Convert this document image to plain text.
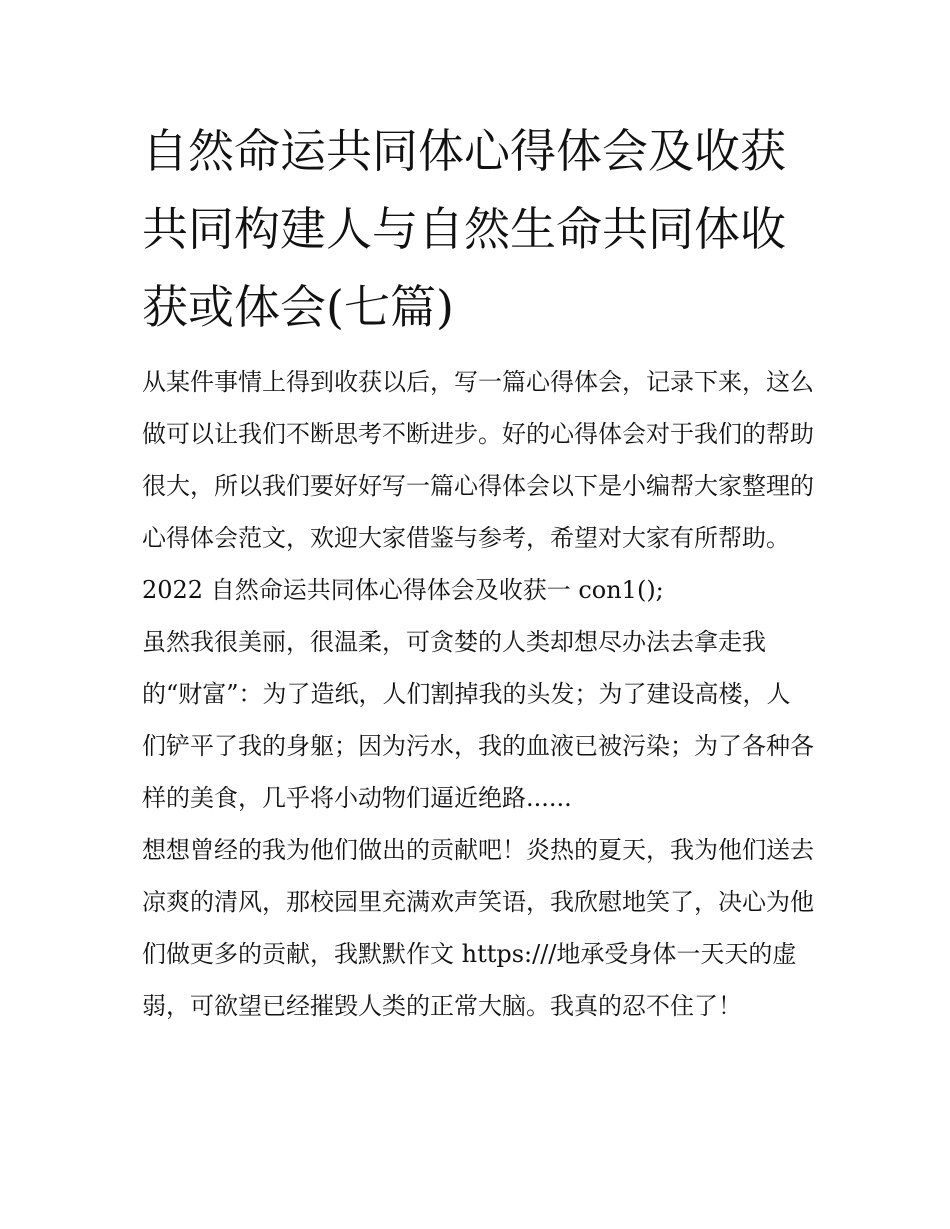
自然命运共同体心得体会及收获 共同构建人与自然生命共同体收获或体会(七篇)

从某件事情上得到收获以后，写一篇心得体会，记录下来，这么做可以让我们不断思考不断进步。好的心得体会对于我们的帮助很大，所以我们要好好写一篇心得体会以下是小编帮大家整理的心得体会范文，欢迎大家借鉴与参考，希望对大家有所帮助。

2022 自然命运共同体心得体会及收获一 con1();

虽然我很美丽，很温柔，可贪婪的人类却想尽办法去拿走我的“财富”：为了造纸，人们割掉我的头发；为了建设高楼，人们铲平了我的身躯；因为污水，我的血液已被污染；为了各种各样的美食，几乎将小动物们逼近绝路......

想想曾经的我为他们做出的贡献吧！炎热的夏天，我为他们送去凉爽的清风，那校园里充满欢声笑语，我欣慰地笑了，决心为他们做更多的贡献，我默默作文 https:///地承受身体一天天的虚弱，可欲望已经摧毁人类的正常大脑。我真的忍不住了！
